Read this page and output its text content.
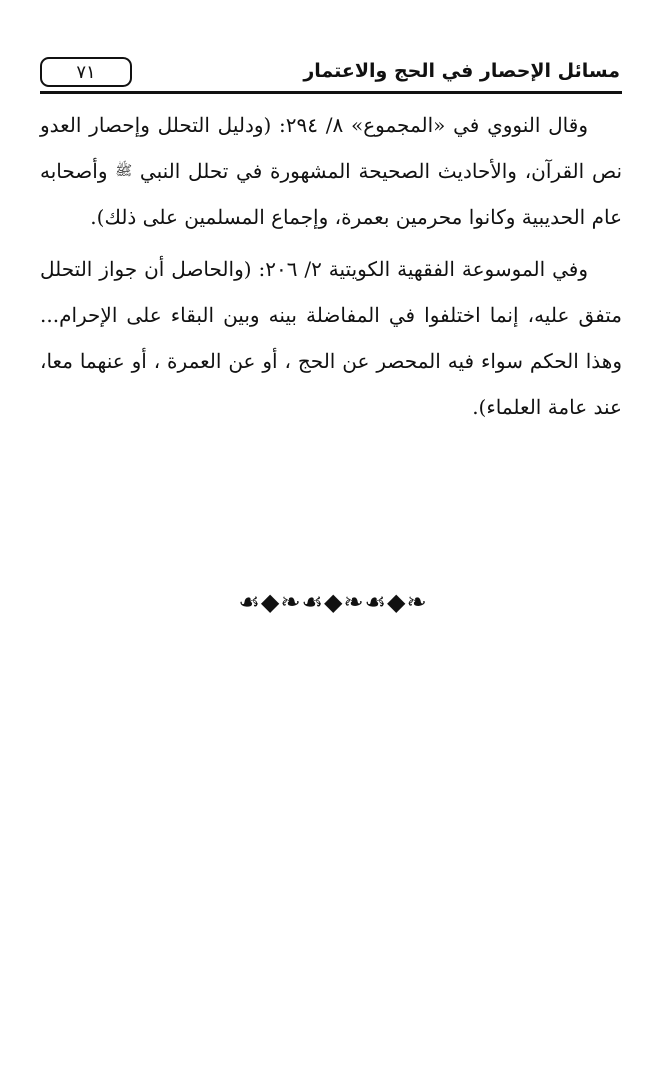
٧١	مسائل الإحصار في الحج والاعتمار

وقال النووي في «المجموع» ٨/ ٢٩٤: (ودليل التحلل وإحصار العدو نص القرآن، والأحاديث الصحيحة المشهورة في تحلل النبي ﷺ وأصحابه عام الحديبية وكانوا محرمين بعمرة، وإجماع المسلمين على ذلك).

وفي الموسوعة الفقهية الكويتية ٢/ ٢٠٦: (والحاصل أن جواز التحلل متفق عليه، إنما اختلفوا في المفاضلة بينه وبين البقاء على الإحرام... وهذا الحكم سواء فيه المحصر عن الحج ، أو عن العمرة ، أو عنهما معا، عند عامة العلماء).

☙◆❧☙◆❧☙◆❧
